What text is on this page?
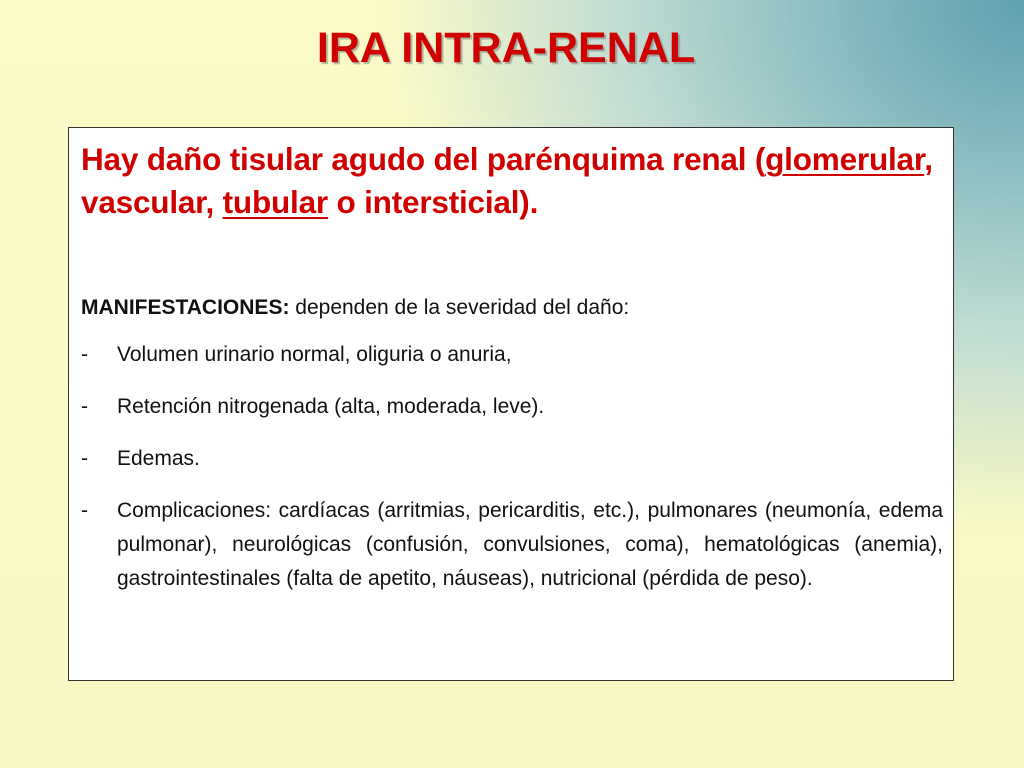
IRA INTRA-RENAL

Hay daño tisular agudo del parénquima renal (glomerular, vascular, tubular o intersticial).

MANIFESTACIONES: dependen de la severidad del daño:

-	Volumen urinario normal, oliguria o anuria,
-	Retención nitrogenada (alta, moderada, leve).
-	Edemas.
-	Complicaciones: cardíacas (arritmias, pericarditis, etc.), pulmonares (neumonía, edema pulmonar), neurológicas (confusión, convulsiones, coma), hematológicas (anemia), gastrointestinales (falta de apetito, náuseas), nutricional (pérdida de peso).
